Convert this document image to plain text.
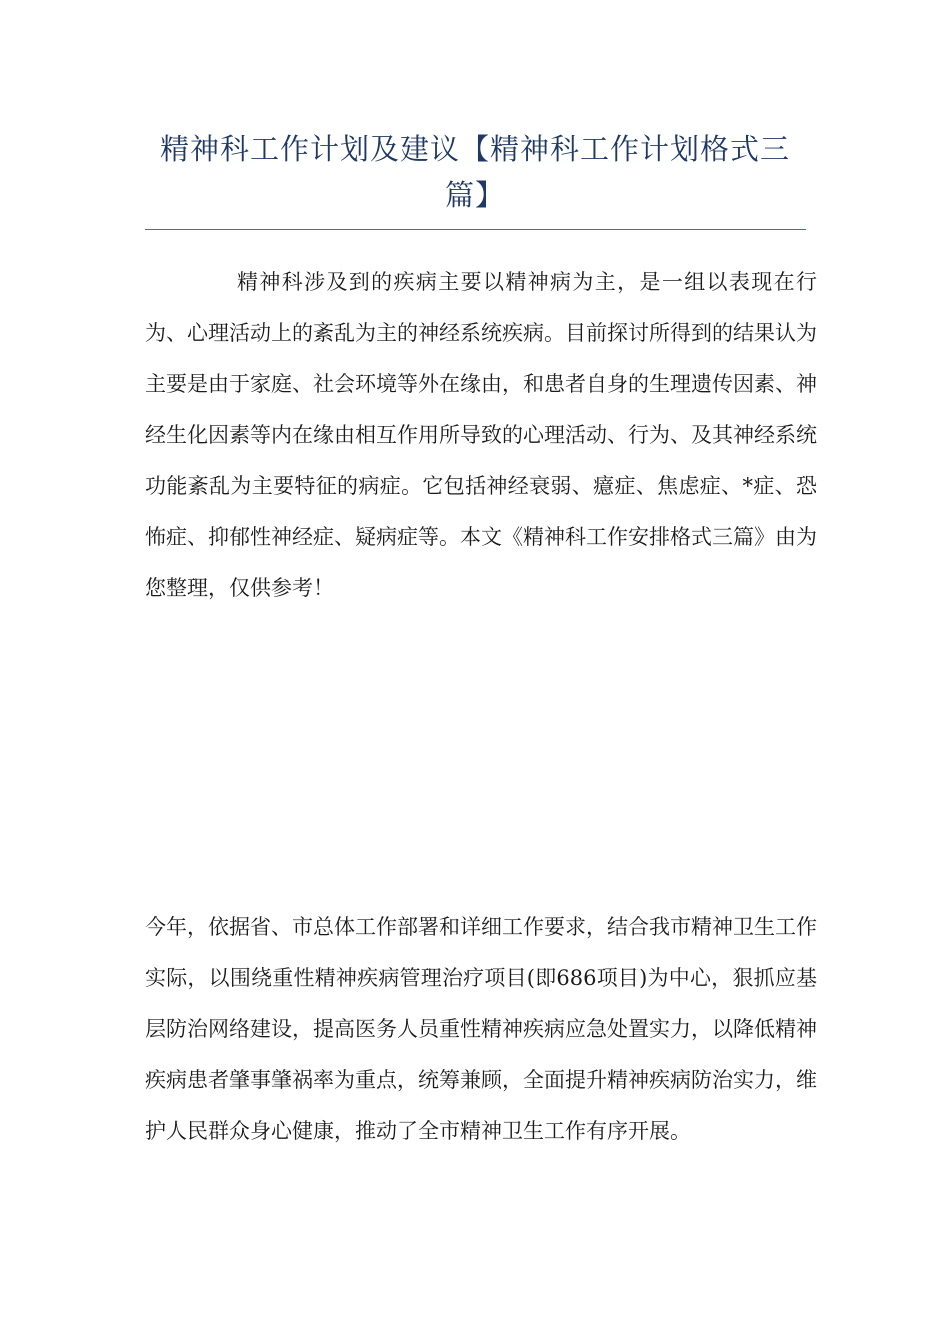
精神科工作计划及建议【精神科工作计划格式三篇】

精神科涉及到的疾病主要以精神病为主，是一组以表现在行为、心理活动上的紊乱为主的神经系统疾病。目前探讨所得到的结果认为主要是由于家庭、社会环境等外在缘由，和患者自身的生理遗传因素、神经生化因素等内在缘由相互作用所导致的心理活动、行为、及其神经系统功能紊乱为主要特征的病症。它包括神经衰弱、癔症、焦虑症、*症、恐怖症、抑郁性神经症、疑病症等。本文《精神科工作安排格式三篇》由为您整理，仅供参考！

今年，依据省、市总体工作部署和详细工作要求，结合我市精神卫生工作实际，以围绕重性精神疾病管理治疗项目(即686项目)为中心，狠抓应基层防治网络建设，提高医务人员重性精神疾病应急处置实力，以降低精神疾病患者肇事肇祸率为重点，统筹兼顾，全面提升精神疾病防治实力，维护人民群众身心健康，推动了全市精神卫生工作有序开展。
